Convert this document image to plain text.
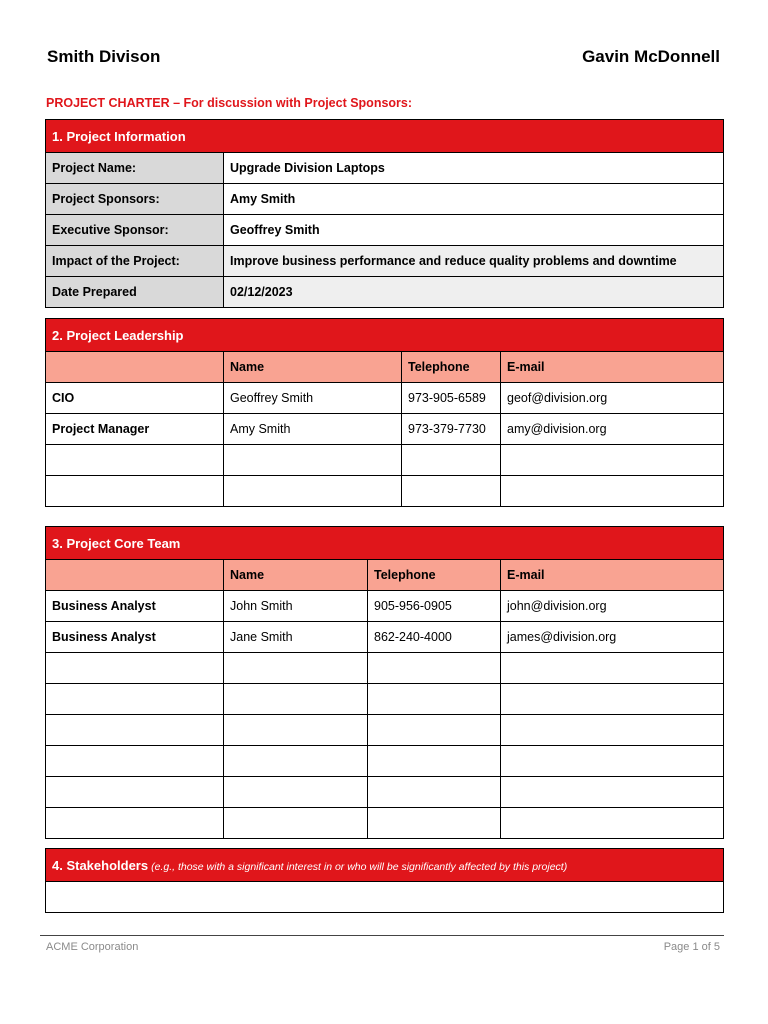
Smith Divison	Gavin McDonnell
PROJECT CHARTER – For discussion with Project Sponsors:
1. Project Information	
Project Name:	Upgrade Division Laptops
Project Sponsors:	Amy Smith
Executive Sponsor:	Geoffrey Smith
Impact of the Project:	Improve business performance and reduce quality problems and downtime
Date Prepared	02/12/2023
2. Project Leadership			
	Name	Telephone	E-mail
CIO	Geoffrey Smith	973-905-6589	geof@division.org
Project Manager	Amy Smith	973-379-7730	amy@division.org

3. Project Core Team			
	Name	Telephone	E-mail
Business Analyst	John Smith	905-956-0905	john@division.org
Business Analyst	Jane Smith	862-240-4000	james@division.org

4. Stakeholders (e.g., those with a significant interest in or who will be significantly affected by this project)

ACME Corporation	Page 1 of 5
